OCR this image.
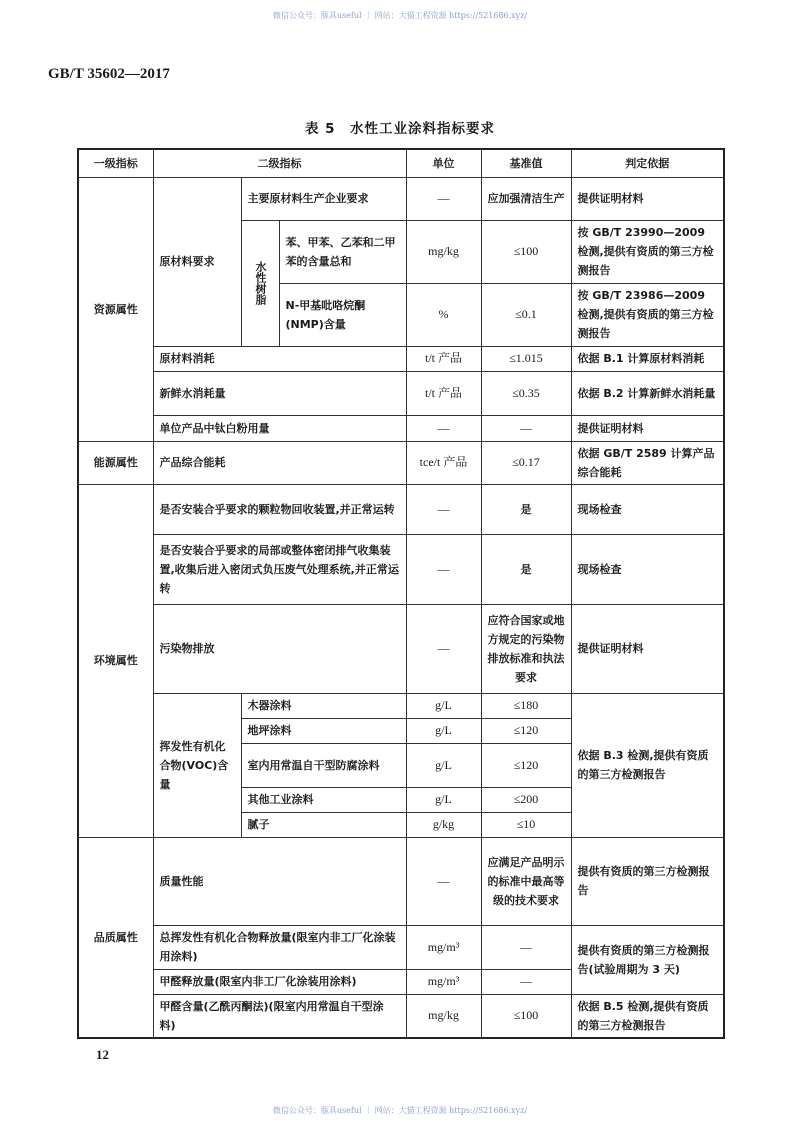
微信公众号：豚具useful ｜ 网站：大猫工程资源 https://521686.xyz/
GB/T 35602—2017
表 5　水性工业涂料指标要求
一级指标	二级指标			单位	基准值	判定依据
资源属性	原材料要求	主要原材料生产企业要求		—	应加强清洁生产	提供证明材料
		水性树脂	苯、甲苯、乙苯和二甲苯的含量总和	mg/kg	≤100	按 GB/T 23990—2009 检测,提供有资质的第三方检测报告
			N-甲基吡咯烷酮(NMP)含量	%	≤0.1	按 GB/T 23986—2009 检测,提供有资质的第三方检测报告
	原材料消耗			t/t 产品	≤1.015	依据 B.1 计算原材料消耗
	新鲜水消耗量			t/t 产品	≤0.35	依据 B.2 计算新鲜水消耗量
	单位产品中钛白粉用量			—	—	提供证明材料
能源属性	产品综合能耗			tce/t 产品	≤0.17	依据 GB/T 2589 计算产品综合能耗
环境属性	是否安装合乎要求的颗粒物回收装置,并正常运转			—	是	现场检查
	是否安装合乎要求的局部或整体密闭排气收集装置,收集后进入密闭式负压废气处理系统,并正常运转			—	是	现场检查
	污染物排放			—	应符合国家或地方规定的污染物排放标准和执法要求	提供证明材料
	挥发性有机化合物(VOC)含量	木器涂料		g/L	≤180	依据 B.3 检测,提供有资质的第三方检测报告
		地坪涂料		g/L	≤120	
		室内用常温自干型防腐涂料		g/L	≤120	
		其他工业涂料		g/L	≤200	
		腻子		g/kg	≤10	
品质属性	质量性能			—	应满足产品明示的标准中最高等级的技术要求	提供有资质的第三方检测报告
	总挥发性有机化合物释放量(限室内非工厂化涂装用涂料)			mg/m³	—	提供有资质的第三方检测报告(试验周期为 3 天)
	甲醛释放量(限室内非工厂化涂装用涂料)			mg/m³	—	
	甲醛含量(乙酰丙酮法)(限室内用常温自干型涂料)			mg/kg	≤100	依据 B.5 检测,提供有资质的第三方检测报告
12
微信公众号：豚具useful ｜ 网站：大猫工程资源 https://521686.xyz/
